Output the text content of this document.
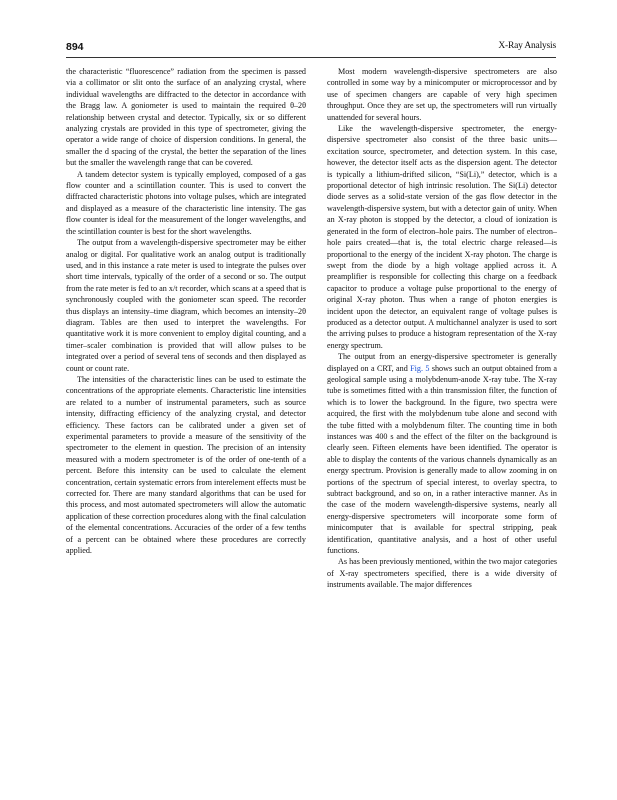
894	X-Ray Analysis

the characteristic “fluorescence” radiation from the specimen is passed via a collimator or slit onto the surface of an analyzing crystal, where individual wavelengths are diffracted to the detector in accordance with the Bragg law. A goniometer is used to maintain the required θ–2θ relationship between crystal and detector. Typically, six or so different analyzing crystals are provided in this type of spectrometer, giving the operator a wide range of choice of dispersion conditions. In general, the smaller the d spacing of the crystal, the better the separation of the lines but the smaller the wavelength range that can be covered.

A tandem detector system is typically employed, composed of a gas flow counter and a scintillation counter. This is used to convert the diffracted characteristic photons into voltage pulses, which are integrated and displayed as a measure of the characteristic line intensity. The gas flow counter is ideal for the measurement of the longer wavelengths, and the scintillation counter is best for the short wavelengths.

The output from a wavelength-dispersive spectrometer may be either analog or digital. For qualitative work an analog output is traditionally used, and in this instance a rate meter is used to integrate the pulses over short time intervals, typically of the order of a second or so. The output from the rate meter is fed to an x/t recorder, which scans at a speed that is synchronously coupled with the goniometer scan speed. The recorder thus displays an intensity–time diagram, which becomes an intensity–2θ diagram. Tables are then used to interpret the wavelengths. For quantitative work it is more convenient to employ digital counting, and a timer–scaler combination is provided that will allow pulses to be integrated over a period of several tens of seconds and then displayed as count or count rate.

The intensities of the characteristic lines can be used to estimate the concentrations of the appropriate elements. Characteristic line intensities are related to a number of instrumental parameters, such as source intensity, diffracting efficiency of the analyzing crystal, and detector efficiency. These factors can be calibrated under a given set of experimental parameters to provide a measure of the sensitivity of the spectrometer to the element in question. The precision of an intensity measured with a modern spectrometer is of the order of one-tenth of a percent. Before this intensity can be used to calculate the element concentration, certain systematic errors from interelement effects must be corrected for. There are many standard algorithms that can be used for this process, and most automated spectrometers will allow the automatic application of these correction procedures along with the final calculation of the elemental concentrations. Accuracies of the order of a few tenths of a percent can be obtained where these procedures are correctly applied.

Most modern wavelength-dispersive spectrometers are also controlled in some way by a minicomputer or microprocessor and by use of specimen changers are capable of very high specimen throughput. Once they are set up, the spectrometers will run virtually unattended for several hours.

Like the wavelength-dispersive spectrometer, the energy-dispersive spectrometer also consist of the three basic units—excitation source, spectrometer, and detection system. In this case, however, the detector itself acts as the dispersion agent. The detector is typically a lithium-drifted silicon, “Si(Li),” detector, which is a proportional detector of high intrinsic resolution. The Si(Li) detector diode serves as a solid-state version of the gas flow detector in the wavelength-dispersive system, but with a detector gain of unity. When an X-ray photon is stopped by the detector, a cloud of ionization is generated in the form of electron–hole pairs. The number of electron–hole pairs created—that is, the total electric charge released—is proportional to the energy of the incident X-ray photon. The charge is swept from the diode by a high voltage applied across it. A preamplifier is responsible for collecting this charge on a feedback capacitor to produce a voltage pulse proportional to the energy of original X-ray photon. Thus when a range of photon energies is incident upon the detector, an equivalent range of voltage pulses is produced as a detector output. A multichannel analyzer is used to sort the arriving pulses to produce a histogram representation of the X-ray energy spectrum.

The output from an energy-dispersive spectrometer is generally displayed on a CRT, and Fig. 5 shows such an output obtained from a geological sample using a molybdenum-anode X-ray tube. The X-ray tube is sometimes fitted with a thin transmission filter, the function of which is to lower the background. In the figure, two spectra were acquired, the first with the molybdenum tube alone and second with the tube fitted with a molybdenum filter. The counting time in both instances was 400 s and the effect of the filter on the background is clearly seen. Fifteen elements have been identified. The operator is able to display the contents of the various channels dynamically as an energy spectrum. Provision is generally made to allow zooming in on portions of the spectrum of special interest, to overlay spectra, to subtract background, and so on, in a rather interactive manner. As in the case of the modern wavelength-dispersive systems, nearly all energy-dispersive spectrometers will incorporate some form of minicomputer that is available for spectral stripping, peak identification, quantitative analysis, and a host of other useful functions.

As has been previously mentioned, within the two major categories of X-ray spectrometers specified, there is a wide diversity of instruments available. The major differences
